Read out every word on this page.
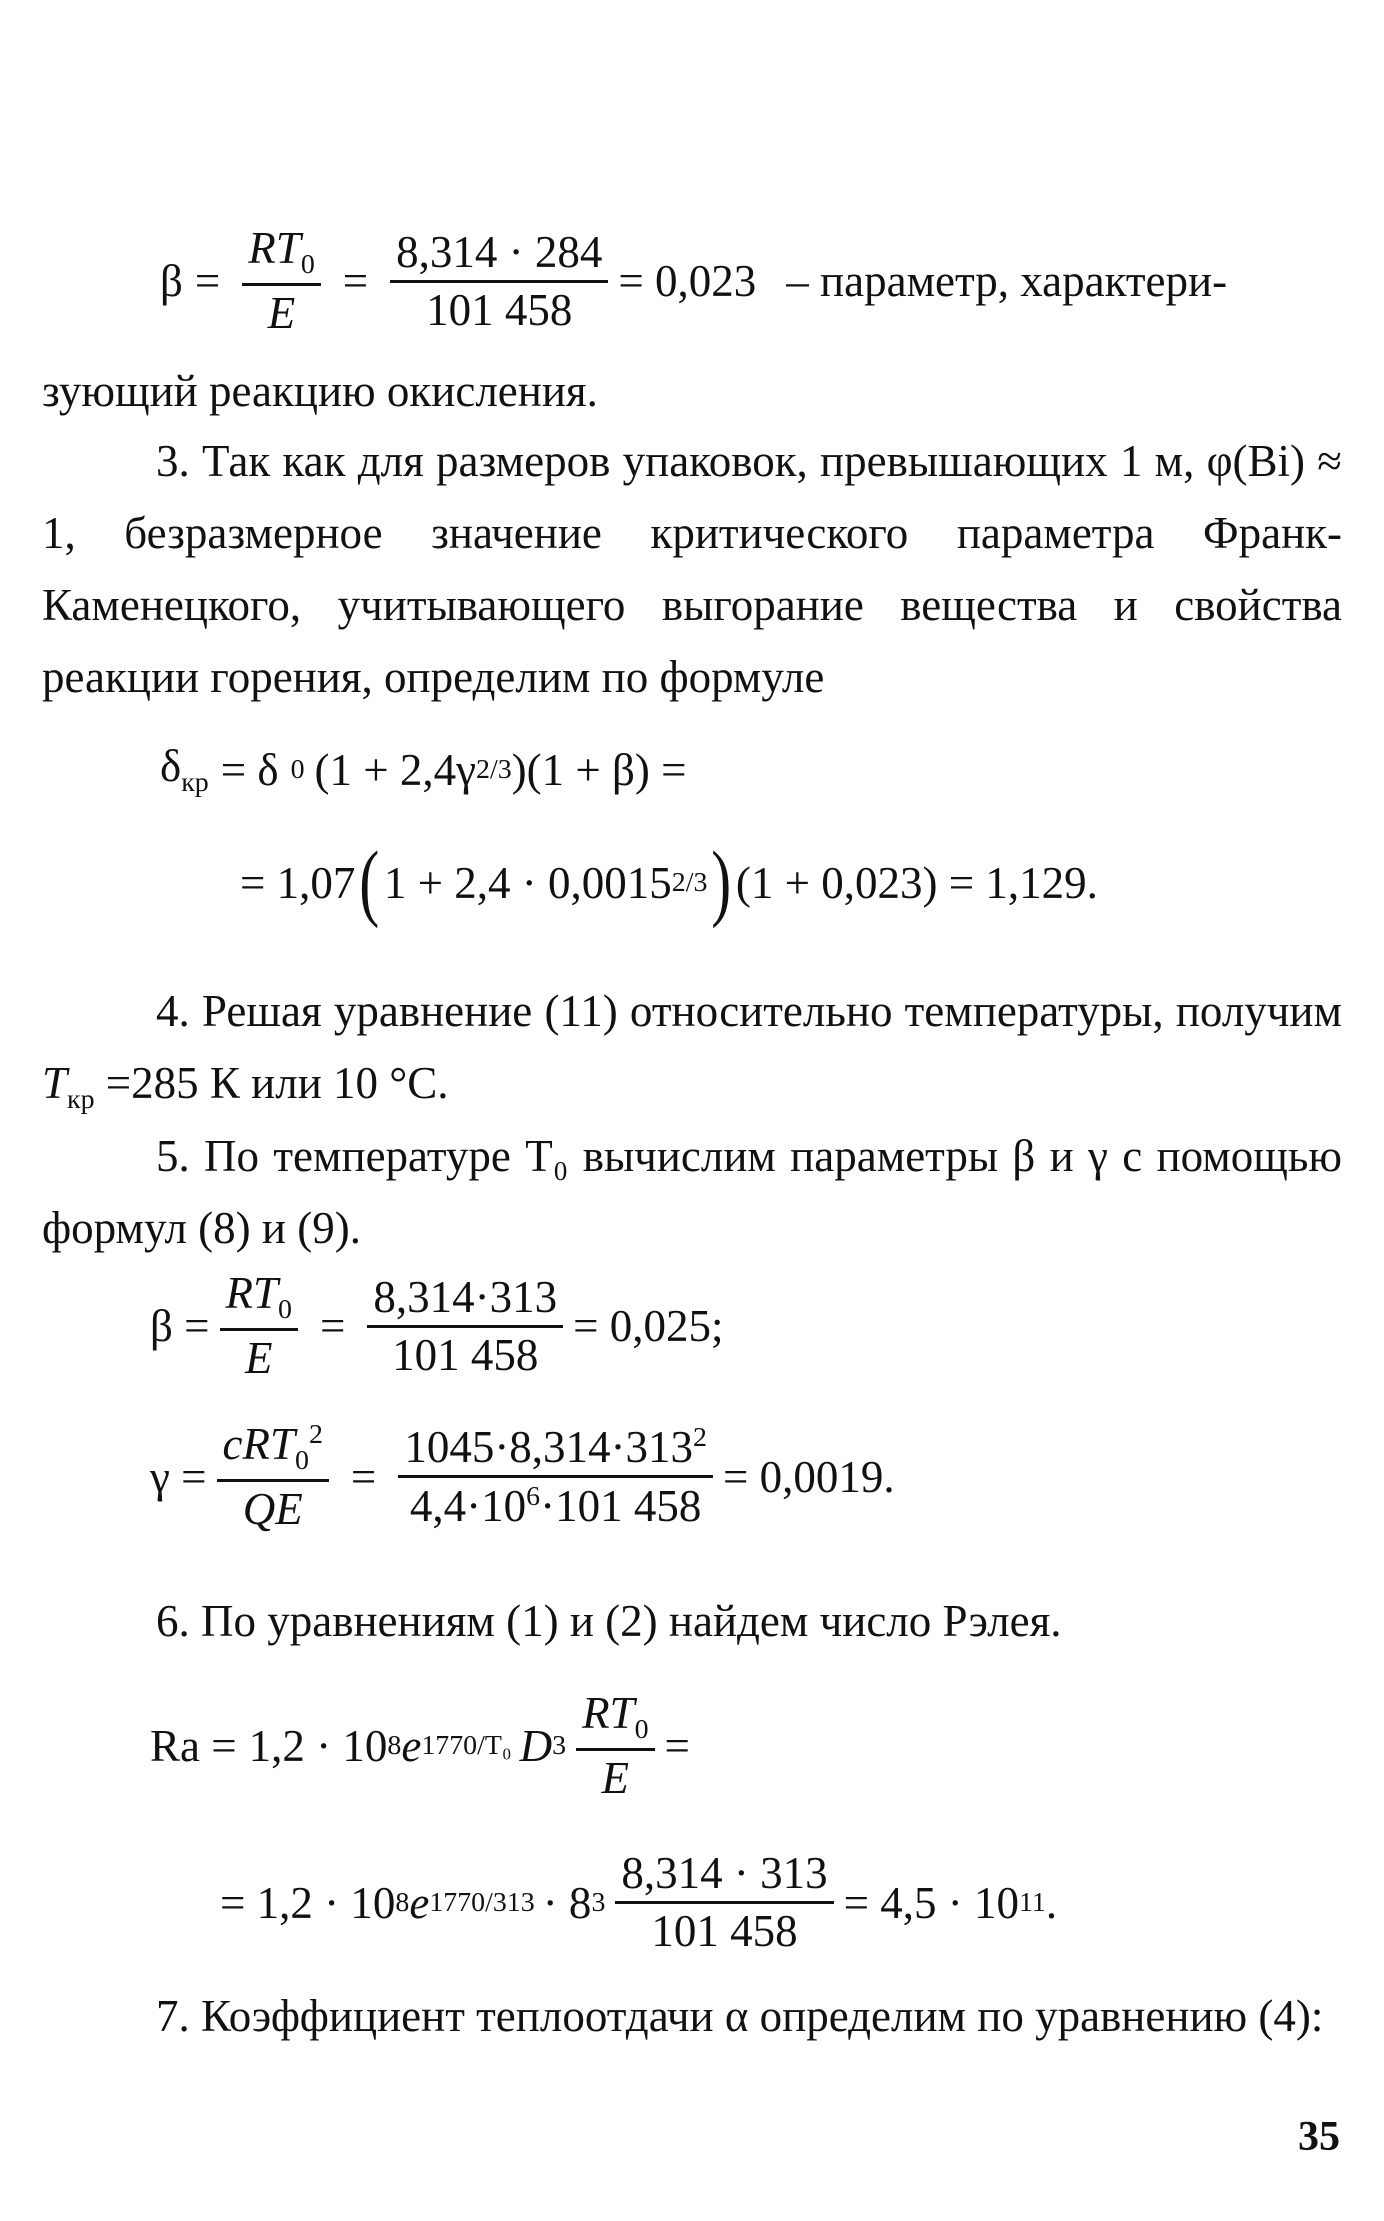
$\beta = \frac{RT_0}{E} = \frac{8,314 \cdot 284}{101 458} = 0,023$ – параметр, характери-

зующий реакцию окисления.

3. Так как для размеров упаковок, превышающих 1 м, φ(Bi) ≈ 1, безразмерное значение критического параметра Франк-Каменецкого, учитывающего выгорание вещества и свойства реакции горения, определим по формуле

$\delta_{кр} = \delta$ 0 (1 + 2,4γ 2/3 )(1 + β) =
= 1,07 ( 1 + 2,4 · 0,0015 2/3 ) (1 + 0,023) = 1,129.

4. Решая уравнение (11) относительно температуры, получим $T_{кр} =285$ К или 10 °С.

5. По температуре T₀ вычислим параметры β и γ с помощью формул (8) и (9).

$\beta = \frac{RT_0}{E} = \frac{8,314\cdot 313}{101 458} = 0,025$;
$\gamma = \frac{cRT_0^2}{QE} = \frac{1045\cdot 8,314\cdot 313^2}{4,4\cdot 10^6\cdot 101 458} = 0,0019$.

6. По уравнениям (1) и (2) найдем число Рэлея.

Ra = 1,2 · 10 8 e 1770/T₀ D $3 \frac{RT_0}{E}$ =
= 1,2 · 10 8 e 1770/313 · 8 $3 \frac{8,314 \cdot 313}{101 458} = 4,5 \cdot 10$ 11 .

7. Коэффициент теплоотдачи α определим по уравнению (4):

35
